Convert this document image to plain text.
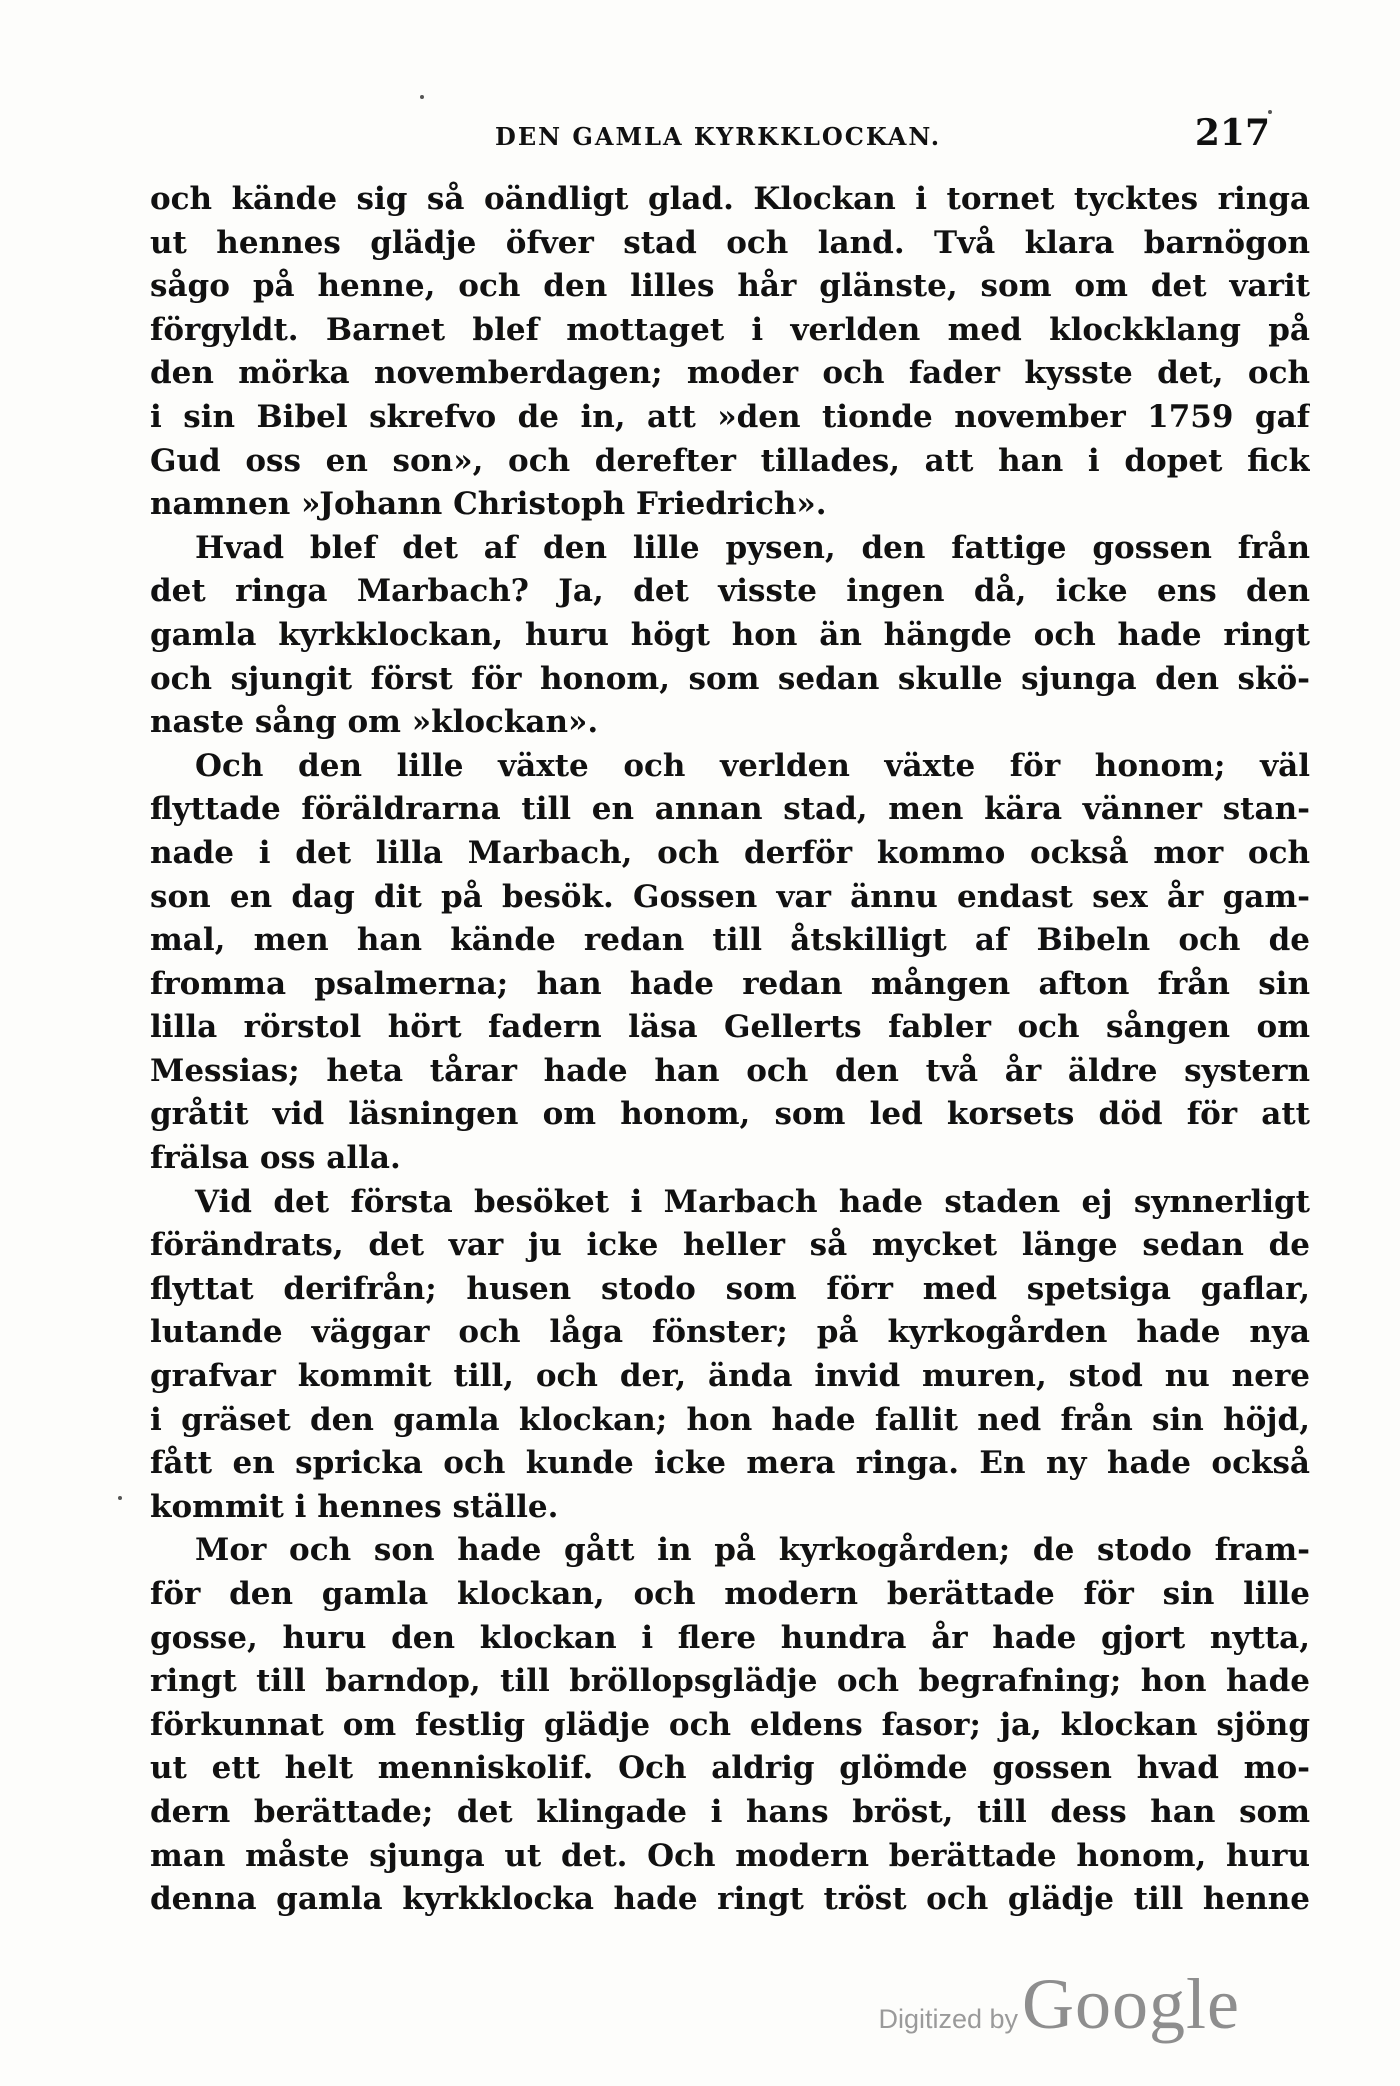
DEN GAMLA KYRKKLOCKAN.	217
och kände sig så oändligt glad. Klockan i tornet tycktes ringa
ut hennes glädje öfver stad och land. Två klara barnögon
sågo på henne, och den lilles hår glänste, som om det varit
förgyldt. Barnet blef mottaget i verlden med klockklang på
den mörka novemberdagen; moder och fader kysste det, och
i sin Bibel skrefvo de in, att »den tionde november 1759 gaf
Gud oss en son», och derefter tillades, att han i dopet fick
namnen »Johann Christoph Friedrich».
Hvad blef det af den lille pysen, den fattige gossen från
det ringa Marbach? Ja, det visste ingen då, icke ens den
gamla kyrkklockan, huru högt hon än hängde och hade ringt
och sjungit först för honom, som sedan skulle sjunga den skö-
naste sång om »klockan».
Och den lille växte och verlden växte för honom; väl
flyttade föräldrarna till en annan stad, men kära vänner stan-
nade i det lilla Marbach, och derför kommo också mor och
son en dag dit på besök. Gossen var ännu endast sex år gam-
mal, men han kände redan till åtskilligt af Bibeln och de
fromma psalmerna; han hade redan mången afton från sin
lilla rörstol hört fadern läsa Gellerts fabler och sången om
Messias; heta tårar hade han och den två år äldre systern
gråtit vid läsningen om honom, som led korsets död för att
frälsa oss alla.
Vid det första besöket i Marbach hade staden ej synnerligt
förändrats, det var ju icke heller så mycket länge sedan de
flyttat derifrån; husen stodo som förr med spetsiga gaflar,
lutande väggar och låga fönster; på kyrkogården hade nya
grafvar kommit till, och der, ända invid muren, stod nu nere
i gräset den gamla klockan; hon hade fallit ned från sin höjd,
fått en spricka och kunde icke mera ringa. En ny hade också
kommit i hennes ställe.
Mor och son hade gått in på kyrkogården; de stodo fram-
för den gamla klockan, och modern berättade för sin lille
gosse, huru den klockan i flere hundra år hade gjort nytta,
ringt till barndop, till bröllopsglädje och begrafning; hon hade
förkunnat om festlig glädje och eldens fasor; ja, klockan sjöng
ut ett helt menniskolif. Och aldrig glömde gossen hvad mo-
dern berättade; det klingade i hans bröst, till dess han som
man måste sjunga ut det. Och modern berättade honom, huru
denna gamla kyrkklocka hade ringt tröst och glädje till henne
Digitized by Google
